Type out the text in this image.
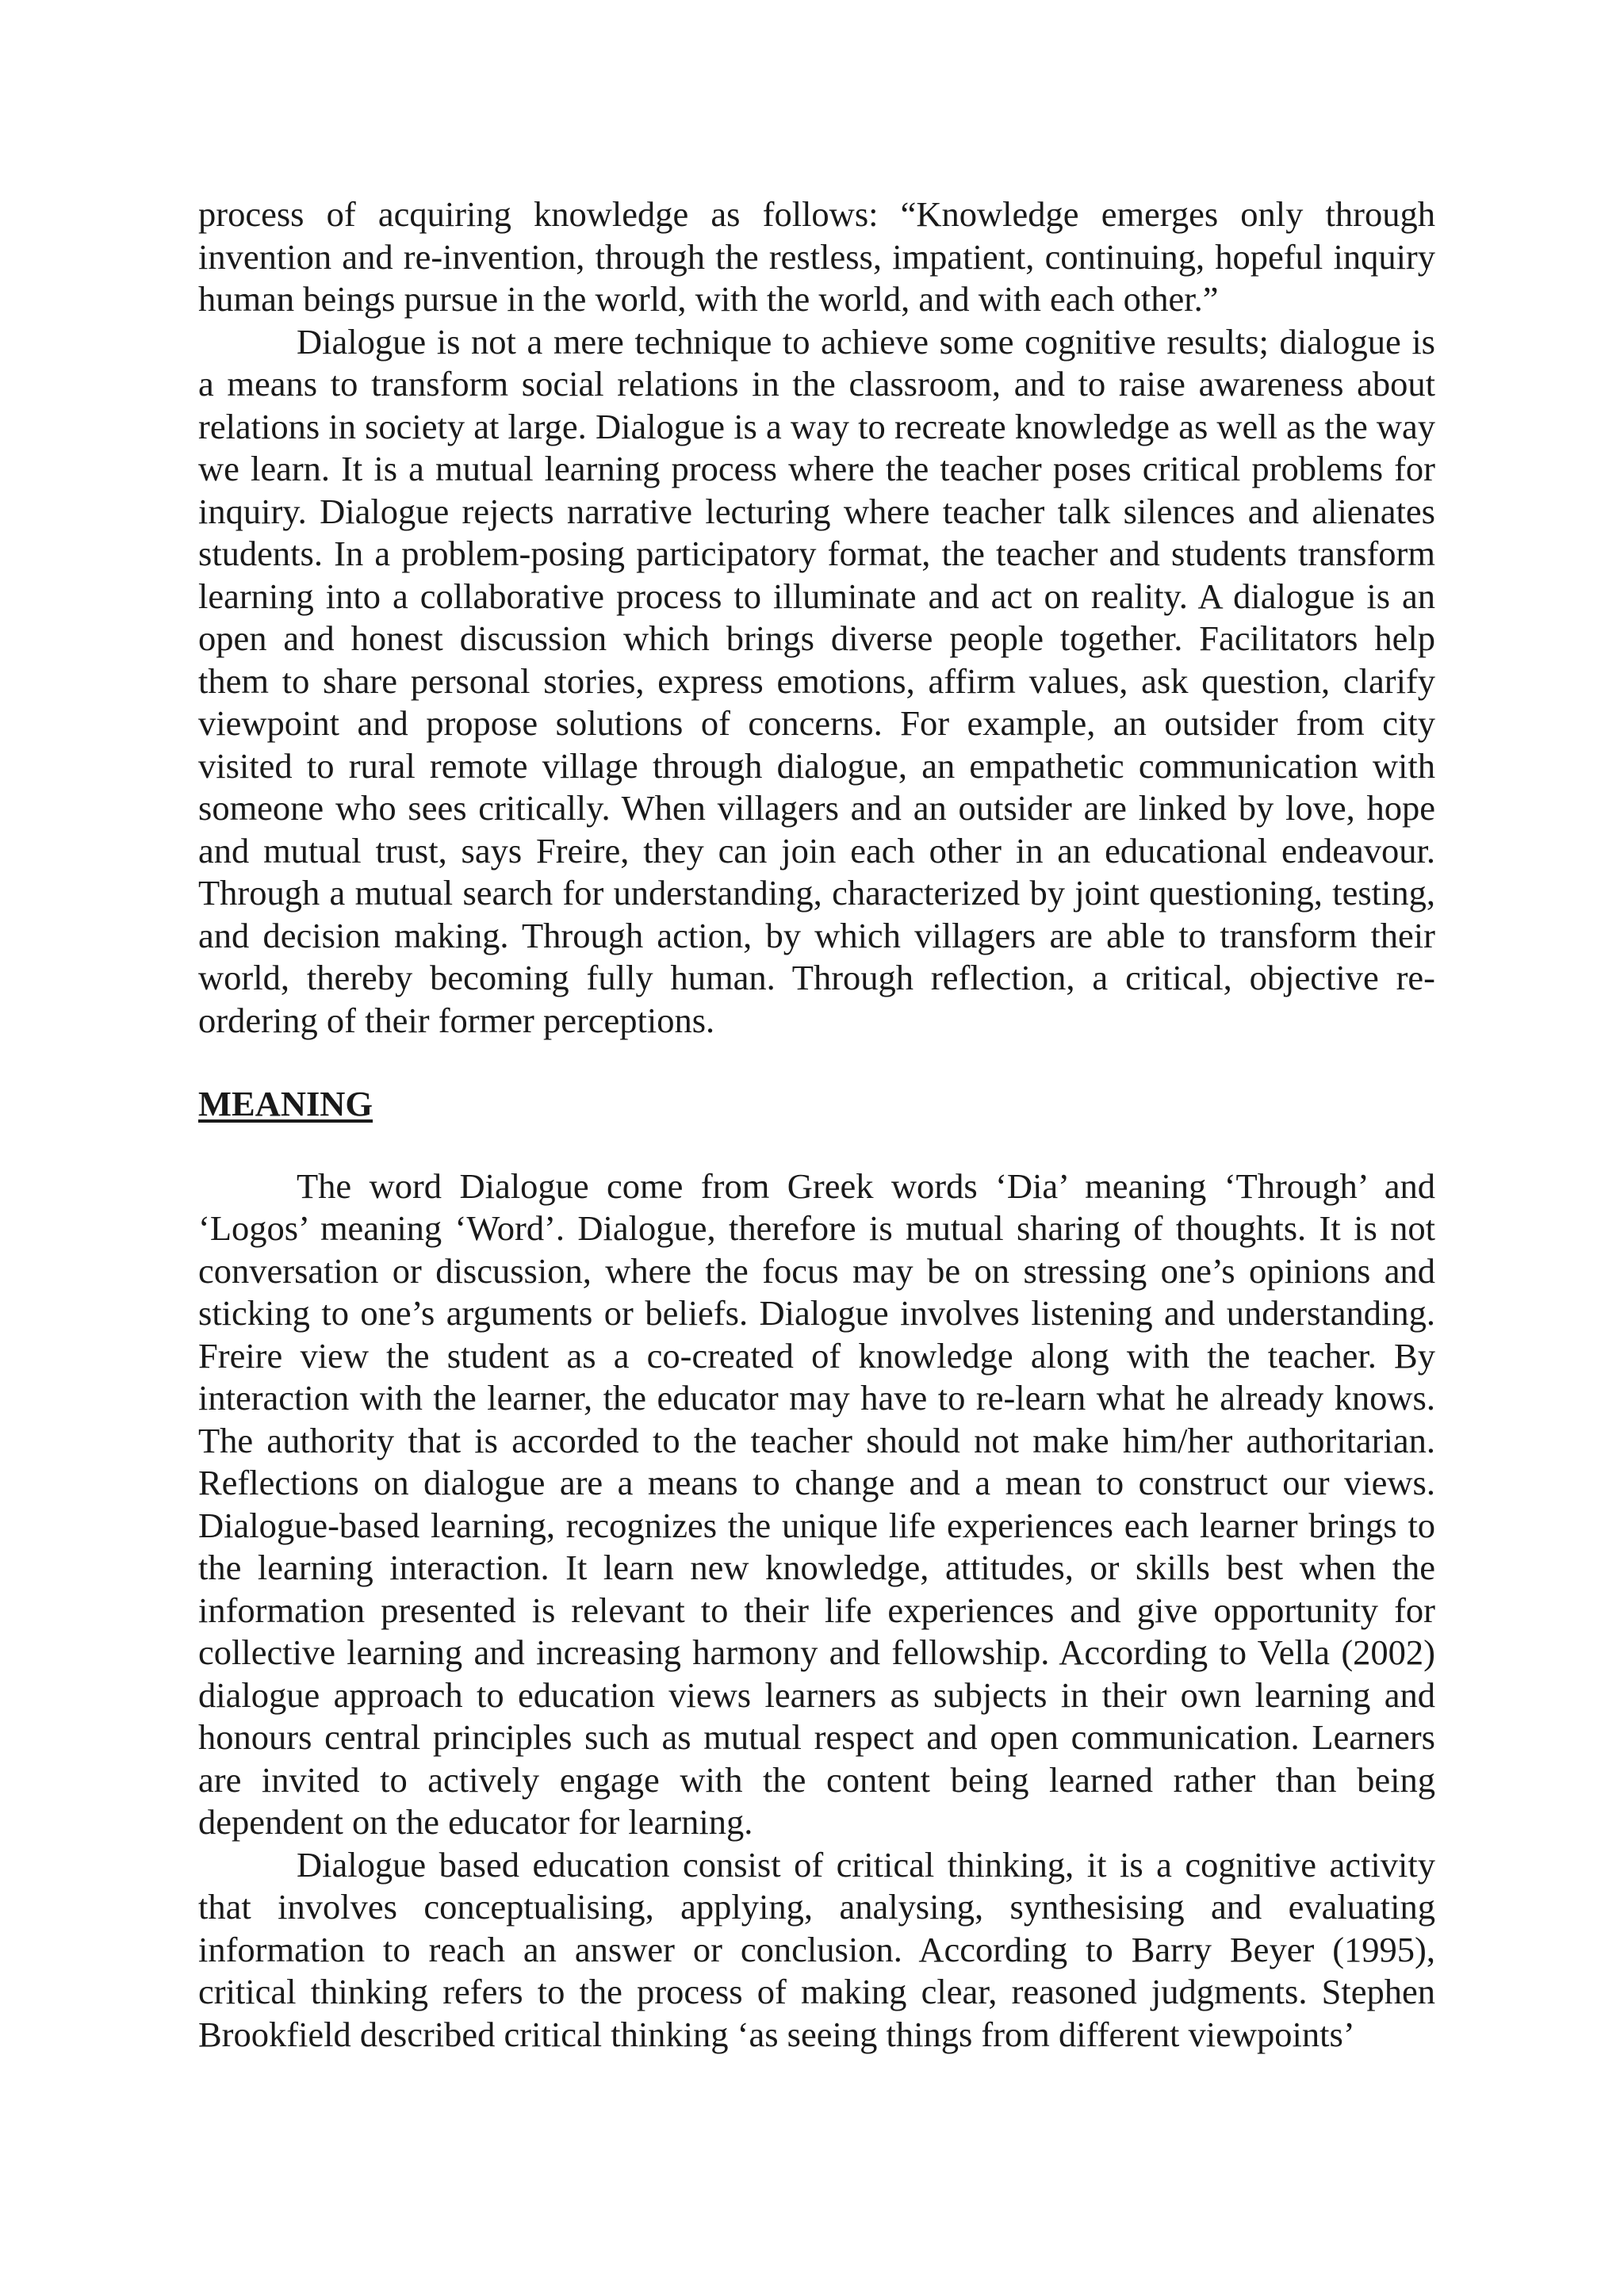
process of acquiring knowledge as follows: “Knowledge emerges only through invention and re-invention, through the restless, impatient, continuing, hopeful inquiry human beings pursue in the world, with the world, and with each other.”

Dialogue is not a mere technique to achieve some cognitive results; dialogue is a means to transform social relations in the classroom, and to raise awareness about relations in society at large. Dialogue is a way to recreate knowledge as well as the way we learn. It is a mutual learning process where the teacher poses critical problems for inquiry. Dialogue rejects narrative lecturing where teacher talk silences and alienates students. In a problem-posing participatory format, the teacher and students transform learning into a collaborative process to illuminate and act on reality. A dialogue is an open and honest discussion which brings diverse people together. Facilitators help them to share personal stories, express emotions, affirm values, ask question, clarify viewpoint and propose solutions of concerns. For example, an outsider from city visited to rural remote village through dialogue, an empathetic communication with someone who sees critically. When villagers and an outsider are linked by love, hope and mutual trust, says Freire, they can join each other in an educational endeavour. Through a mutual search for understanding, characterized by joint questioning, testing, and decision making. Through action, by which villagers are able to transform their world, thereby becoming fully human. Through reflection, a critical, objective re-ordering of their former perceptions.

MEANING

The word Dialogue come from Greek words ‘Dia’ meaning ‘Through’ and ‘Logos’ meaning ‘Word’. Dialogue, therefore is mutual sharing of thoughts. It is not conversation or discussion, where the focus may be on stressing one’s opinions and sticking to one’s arguments or beliefs. Dialogue involves listening and understanding. Freire view the student as a co-created of knowledge along with the teacher. By interaction with the learner, the educator may have to re-learn what he already knows. The authority that is accorded to the teacher should not make him/her authoritarian. Reflections on dialogue are a means to change and a mean to construct our views. Dialogue-based learning, recognizes the unique life experiences each learner brings to the learning interaction. It learn new knowledge, attitudes, or skills best when the information presented is relevant to their life experiences and give opportunity for collective learning and increasing harmony and fellowship. According to Vella (2002) dialogue approach to education views learners as subjects in their own learning and honours central principles such as mutual respect and open communication. Learners are invited to actively engage with the content being learned rather than being dependent on the educator for learning.

Dialogue based education consist of critical thinking, it is a cognitive activity that involves conceptualising, applying, analysing, synthesising and evaluating information to reach an answer or conclusion. According to Barry Beyer (1995), critical thinking refers to the process of making clear, reasoned judgments. Stephen Brookfield described critical thinking ‘as seeing things from different viewpoints’
